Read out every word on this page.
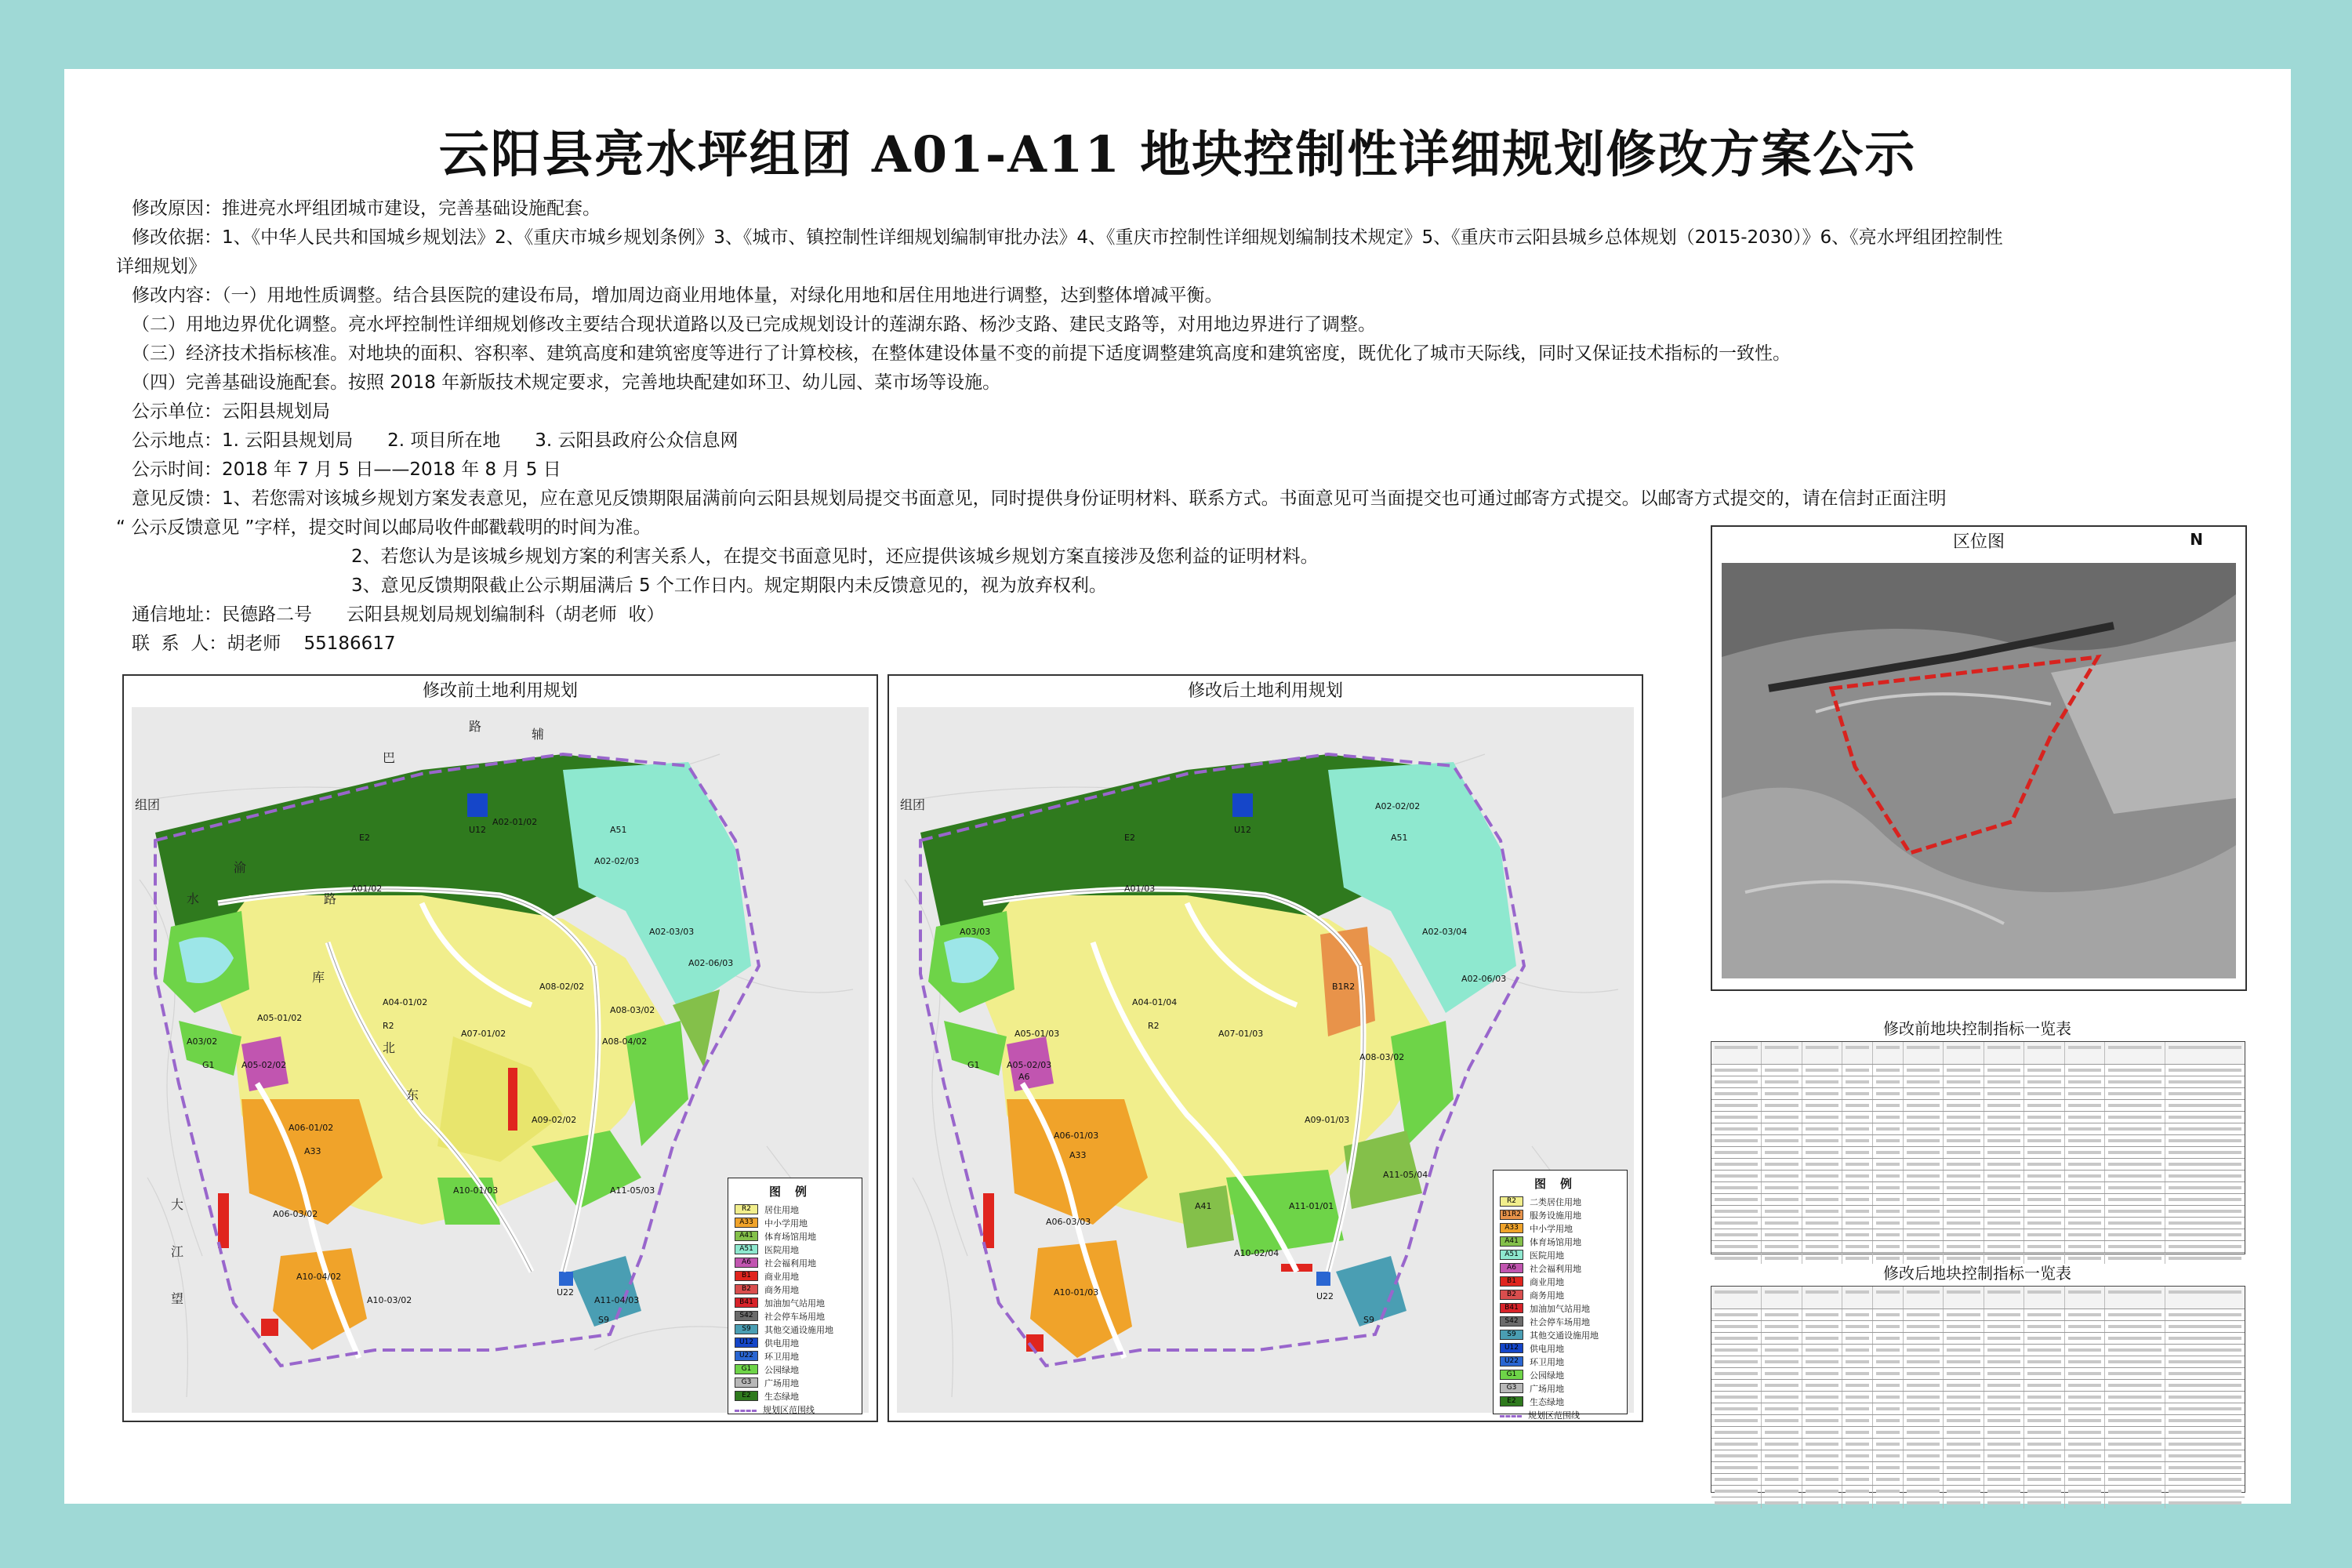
云阳县亮水坪组团 A01-A11 地块控制性详细规划修改方案公示
修改原因：推进亮水坪组团城市建设，完善基础设施配套。
修改依据：1、《中华人民共和国城乡规划法》2、《重庆市城乡规划条例》3、《城市、镇控制性详细规划编制审批办法》4、《重庆市控制性详细规划编制技术规定》5、《重庆市云阳县城乡总体规划（2015-2030）》6、《亮水坪组团控制性
详细规划》
修改内容：（一）用地性质调整。结合县医院的建设布局，增加周边商业用地体量，对绿化用地和居住用地进行调整，达到整体增减平衡。
（二）用地边界优化调整。亮水坪控制性详细规划修改主要结合现状道路以及已完成规划设计的莲湖东路、杨沙支路、建民支路等，对用地边界进行了调整。
（三）经济技术指标核准。对地块的面积、容积率、建筑高度和建筑密度等进行了计算校核，在整体建设体量不变的前提下适度调整建筑高度和建筑密度，既优化了城市天际线，同时又保证技术指标的一致性。
（四）完善基础设施配套。按照 2018 年新版技术规定要求，完善地块配建如环卫、幼儿园、菜市场等设施。
公示单位：云阳县规划局
公示地点：1. 云阳县规划局      2. 项目所在地      3. 云阳县政府公众信息网
公示时间：2018 年 7 月 5 日——2018 年 8 月 5 日
意见反馈：1、若您需对该城乡规划方案发表意见，应在意见反馈期限届满前向云阳县规划局提交书面意见，同时提供身份证明材料、联系方式。书面意见可当面提交也可通过邮寄方式提交。以邮寄方式提交的，请在信封正面注明
“ 公示反馈意见 ”字样，提交时间以邮局收件邮戳载明的时间为准。
2、若您认为是该城乡规划方案的利害关系人，在提交书面意见时，还应提供该城乡规划方案直接涉及您利益的证明材料。
3、意见反馈期限截止公示期届满后 5 个工作日内。规定期限内未反馈意见的，视为放弃权利。
通信地址：民德路二号      云阳县规划局规划编制科（胡老师  收）
联  系  人：胡老师    55186617
修改前土地利用规划
U12
A01/02
A02-01/02
A51
A02-02/03
A02-03/03
A02-06/03
A04-01/02
A05-01/02
A03/02
A05-02/02
A06-01/02
A33
A06-03/02
A07-01/02
A08-02/02
A08-03/02
A08-04/02
A09-02/02
A10-01/03
A10-04/02
A10-03/02
A11-05/03
A11-04/03
S9
U22
R2
G1
E2
辅
路
巴
组团
渝
水
库
路
北
东
大
江
望
图例
R2	居住用地
A33	中小学用地
A41	体育场馆用地
A51	医院用地
A6	社会福利用地
B1	商业用地
B2	商务用地
B41	加油加气站用地
S42	社会停车场用地
S9	其他交通设施用地
U12	供电用地
U22	环卫用地
G1	公园绿地
G3	广场用地
E2	生态绿地
规划区范围线
修改后土地利用规划
U12
A01/03
A02-02/02
A51
A02-03/04
A02-06/03
A03/03
A04-01/04
A05-01/03
A05-02/03
A6
A06-01/03
A33
A06-03/03
A07-01/03
A08-03/02
B1R2
A09-01/03
A41
A10-02/04
A10-01/03
A11-01/01
A11-05/04
S9
U22
R2
G1
E2
组团
图例
R2	二类居住用地
B1R2 服务设施用地
A33	中小学用地
A41	体育场馆用地
A51	医院用地
A6	社会福利用地
B1	商业用地
B2	商务用地
B41	加油加气站用地
S42	社会停车场用地
S9	其他交通设施用地
U12	供电用地
U22	环卫用地
G1	公园绿地
G3	广场用地
E2	生态绿地
规划区范围线
区位图	N
修改前地块控制指标一览表
修改后地块控制指标一览表
